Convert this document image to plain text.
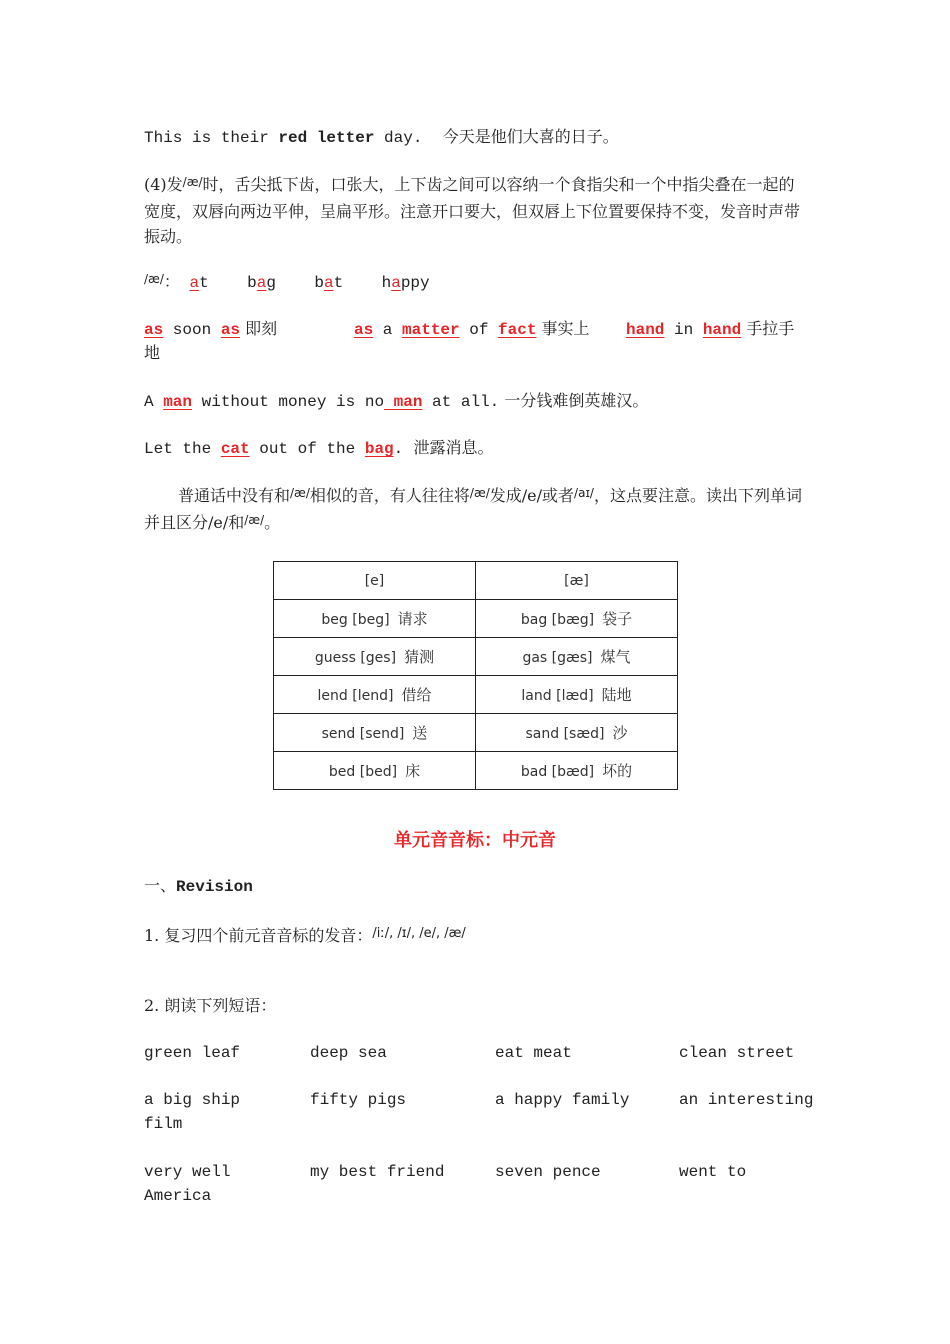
This is their red letter day. 今天是他们大喜的日子。
(4)发$^{/æ/}$时，舌尖抵下齿，口张大，上下齿之间可以容纳一个食指尖和一个中指尖叠在一起的宽度，双唇向两边平伸，呈扁平形。注意开口要大，但双唇上下位置要保持不变，发音时声带振动。
$^{/æ/}$： at bag bat happy
as soon as 即刻	as a matter of fact 事实上 hand in hand 手拉手
地
A man without money is no man at all. 一分钱难倒英雄汉。
Let the cat out of the bag.  泄露消息。
普通话中没有和$^{/æ/}$相似的音，有人往往将$^{/æ/}$发成/e/或者$^{/aɪ/}$，这点要注意。读出下列单词并且区分/e/和$^{/æ/}$。
[e]	[æ]
beg [beg] 请求	bag [bæg] 袋子
guess [ges] 猜测	gas [gæs] 煤气
lend [lend] 借给	land [læd] 陆地
send [send] 送	sand [sæd] 沙
bed [bed] 床	bad [bæd] 坏的
单元音音标：中元音
一、Revision
1. 复习四个前元音音标的发音：$^{/iː/, /ɪ/, /e/, /æ/}$
2. 朗读下列短语：
green leaf	deep sea	eat meat	clean street
a big ship	fifty pigs	a happy family	an interesting
film
very well	my best friend	seven pence	went to
America
